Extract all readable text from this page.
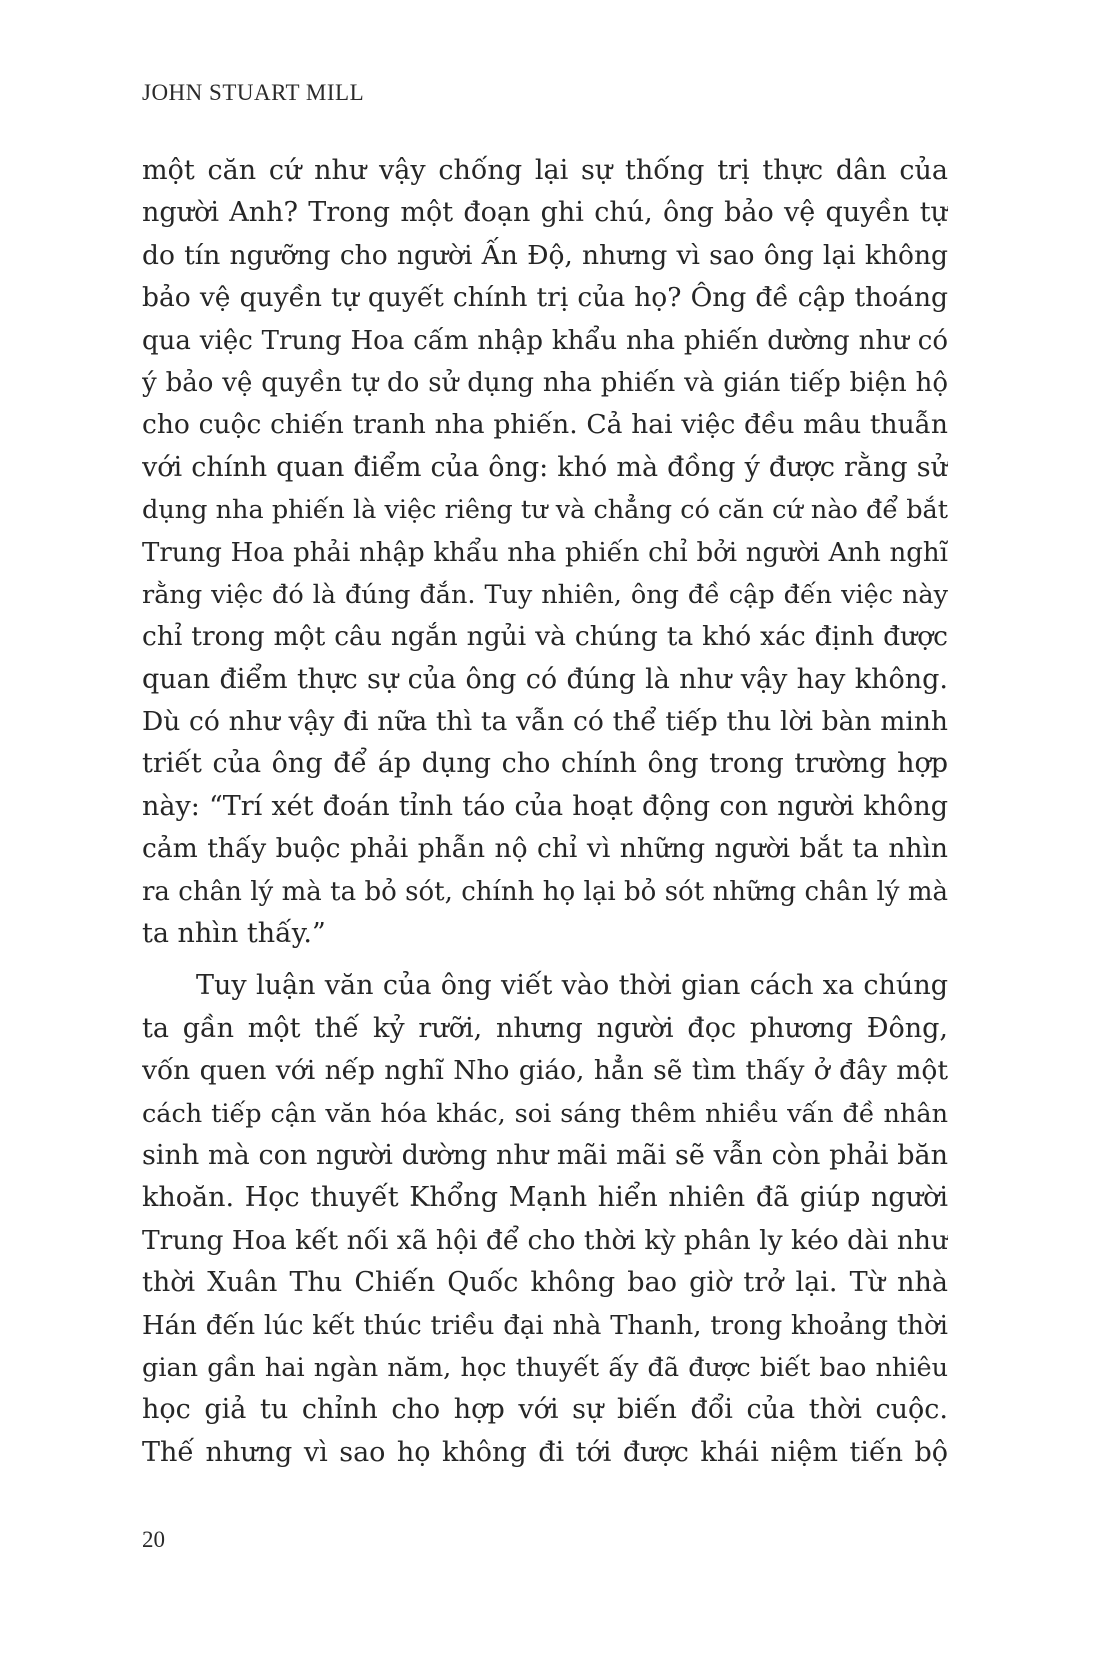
JOHN STUART MILL
một căn cứ như vậy chống lại sự thống trị thực dân của
người Anh? Trong một đoạn ghi chú, ông bảo vệ quyền tự
do tín ngưỡng cho người Ấn Độ, nhưng vì sao ông lại không
bảo vệ quyền tự quyết chính trị của họ? Ông đề cập thoáng
qua việc Trung Hoa cấm nhập khẩu nha phiến dường như có
ý bảo vệ quyền tự do sử dụng nha phiến và gián tiếp biện hộ
cho cuộc chiến tranh nha phiến. Cả hai việc đều mâu thuẫn
với chính quan điểm của ông: khó mà đồng ý được rằng sử
dụng nha phiến là việc riêng tư và chẳng có căn cứ nào để bắt
Trung Hoa phải nhập khẩu nha phiến chỉ bởi người Anh nghĩ
rằng việc đó là đúng đắn. Tuy nhiên, ông đề cập đến việc này
chỉ trong một câu ngắn ngủi và chúng ta khó xác định được
quan điểm thực sự của ông có đúng là như vậy hay không.
Dù có như vậy đi nữa thì ta vẫn có thể tiếp thu lời bàn minh
triết của ông để áp dụng cho chính ông trong trường hợp
này: “Trí xét đoán tỉnh táo của hoạt động con người không
cảm thấy buộc phải phẫn nộ chỉ vì những người bắt ta nhìn
ra chân lý mà ta bỏ sót, chính họ lại bỏ sót những chân lý mà
ta nhìn thấy.”
Tuy luận văn của ông viết vào thời gian cách xa chúng
ta gần một thế kỷ rưỡi, nhưng người đọc phương Đông,
vốn quen với nếp nghĩ Nho giáo, hẳn sẽ tìm thấy ở đây một
cách tiếp cận văn hóa khác, soi sáng thêm nhiều vấn đề nhân
sinh mà con người dường như mãi mãi sẽ vẫn còn phải băn
khoăn. Học thuyết Khổng Mạnh hiển nhiên đã giúp người
Trung Hoa kết nối xã hội để cho thời kỳ phân ly kéo dài như
thời Xuân Thu Chiến Quốc không bao giờ trở lại. Từ nhà
Hán đến lúc kết thúc triều đại nhà Thanh, trong khoảng thời
gian gần hai ngàn năm, học thuyết ấy đã được biết bao nhiêu
học giả tu chỉnh cho hợp với sự biến đổi của thời cuộc.
Thế nhưng vì sao họ không đi tới được khái niệm tiến bộ
20
